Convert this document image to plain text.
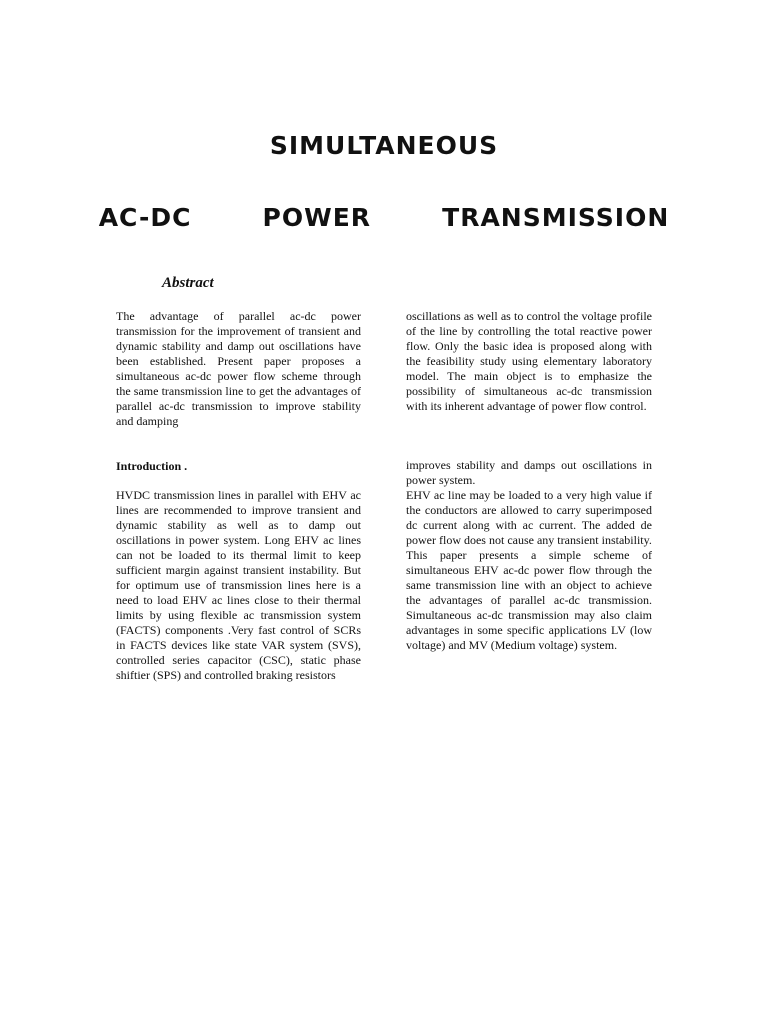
SIMULTANEOUS
AC-DC   POWER   TRANSMISSION
Abstract

The advantage of parallel ac-dc power transmission for the improvement of transient and dynamic stability and damp out oscillations have been established. Present paper proposes a simultaneous ac-dc power flow scheme through the same transmission line to get the advantages of parallel ac-dc transmission to improve stability and damping

oscillations as well as to control the voltage profile of the line by controlling the total reactive power flow. Only the basic idea is proposed along with the feasibility study using elementary laboratory model. The main object is to emphasize the possibility of simultaneous ac-dc transmission with its inherent advantage of power flow control.

Introduction .

HVDC transmission lines in parallel with EHV ac lines are recommended to improve transient and dynamic stability as well as to damp out oscillations in power system. Long EHV ac lines can not be loaded to its thermal limit to keep sufficient margin against transient instability. But for optimum use of transmission lines here is a need to load EHV ac lines close to their thermal limits by using flexible ac transmission system (FACTS) components .Very fast control of SCRs in FACTS devices like state VAR system (SVS), controlled series capacitor (CSC), static phase shiftier (SPS) and controlled braking resistors

improves stability and damps out oscillations in power system.
EHV ac line may be loaded to a very high value if the conductors are allowed to carry superimposed dc current along with ac current. The added de power flow does not cause any transient instability.
This paper presents a simple scheme of simultaneous EHV ac-dc power flow through the same transmission line with an object to achieve the advantages of parallel ac-dc transmission. Simultaneous ac-dc transmission may also claim advantages in some specific applications LV (low voltage) and MV (Medium voltage) system.
